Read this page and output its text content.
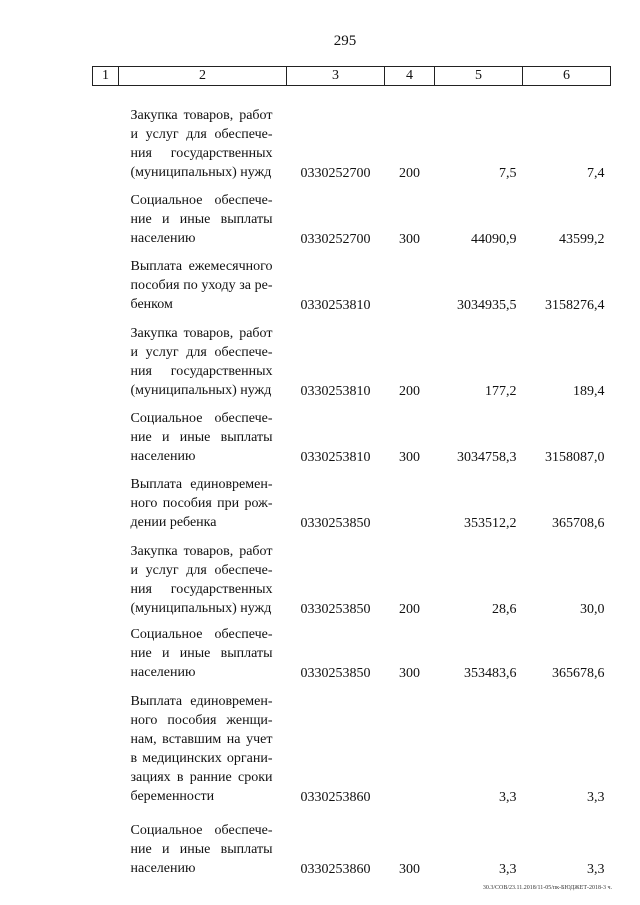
295
1	2	3	4	5	6
	Закупка товаров, работ и услуг для обеспече- ния государственных (муниципальных) нужд	0330252700	200	7,5	7,4
	Социальное обеспече- ние и иные выплаты населению	0330252700	300	44090,9	43599,2
	Выплата ежемесячного пособия по уходу за ре- бенком	0330253810		3034935,5	3158276,4
	Закупка товаров, работ и услуг для обеспече- ния государственных (муниципальных) нужд	0330253810	200	177,2	189,4
	Социальное обеспече- ние и иные выплаты населению	0330253810	300	3034758,3	3158087,0
	Выплата единовремен- ного пособия при рож- дении ребенка	0330253850		353512,2	365708,6
	Закупка товаров, работ и услуг для обеспече- ния государственных (муниципальных) нужд	0330253850	200	28,6	30,0
	Социальное обеспече- ние и иные выплаты населению	0330253850	300	353483,6	365678,6
	Выплата единовремен- ного пособия женщи- нам, вставшим на учет в медицинских органи- зациях в ранние сроки беременности	0330253860		3,3	3,3
	Социальное обеспече- ние и иные выплаты населению	0330253860	300	3,3	3,3
30.3/СОВ/23.11.2018/11-05/пк-БЮДЖЕТ-2018-3 ч.
